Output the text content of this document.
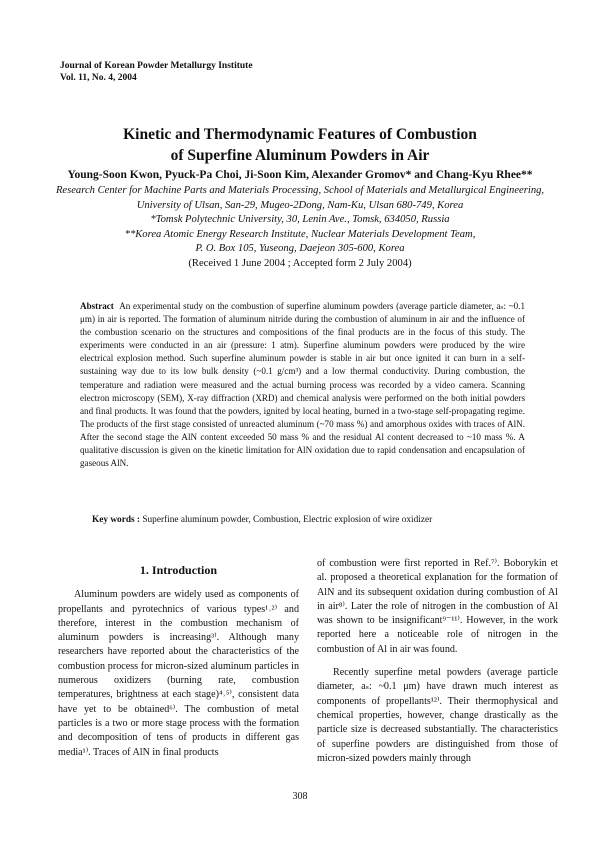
Journal of Korean Powder Metallurgy Institute
Vol. 11, No. 4, 2004
Kinetic and Thermodynamic Features of Combustion
of Superfine Aluminum Powders in Air
Young-Soon Kwon, Pyuck-Pa Choi, Ji-Soon Kim, Alexander Gromov* and Chang-Kyu Rhee**
Research Center for Machine Parts and Materials Processing, School of Materials and Metallurgical Engineering,
University of Ulsan, San-29, Mugeo-2Dong, Nam-Ku, Ulsan 680-749, Korea
*Tomsk Polytechnic University, 30, Lenin Ave., Tomsk, 634050, Russia
**Korea Atomic Energy Research Institute, Nuclear Materials Development Team,
P. O. Box 105, Yuseong, Daejeon 305-600, Korea
(Received 1 June 2004 ; Accepted form 2 July 2004)
Abstract An experimental study on the combustion of superfine aluminum powders (average particle diameter, aₛ: ~0.1 μm) in air is reported. The formation of aluminum nitride during the combustion of aluminum in air and the influence of the combustion scenario on the structures and compositions of the final products are in the focus of this study. The experiments were conducted in an air (pressure: 1 atm). Superfine aluminum powders were produced by the wire electrical explosion method. Such superfine aluminum powder is stable in air but once ignited it can burn in a self-sustaining way due to its low bulk density (~0.1 g/cm³) and a low thermal conductivity. During combustion, the temperature and radiation were measured and the actual burning process was recorded by a video camera. Scanning electron microscopy (SEM), X-ray diffraction (XRD) and chemical analysis were performed on the both initial powders and final products. It was found that the powders, ignited by local heating, burned in a two-stage self-propagating regime. The products of the first stage consisted of unreacted aluminum (~70 mass %) and amorphous oxides with traces of AlN. After the second stage the AlN content exceeded 50 mass % and the residual Al content decreased to ~10 mass %. A qualitative discussion is given on the kinetic limitation for AlN oxidation due to rapid condensation and encapsulation of gaseous AlN.
Key words : Superfine aluminum powder, Combustion, Electric explosion of wire oxidizer
1. Introduction

Aluminum powders are widely used as components of propellants and pyrotechnics of various types¹˒²⁾ and therefore, interest in the combustion mechanism of aluminum powders is increasing³⁾. Although many researchers have reported about the characteristics of the combustion process for micron-sized aluminum particles in numerous oxidizers (burning rate, combustion temperatures, brightness at each stage)⁴˒⁵⁾, consistent data have yet to be obtained⁶⁾. The combustion of metal particles is a two or more stage process with the formation and decomposition of tens of products in different gas media¹⁾. Traces of AlN in final products

of combustion were first reported in Ref.⁷⁾. Boborykin et al. proposed a theoretical explanation for the formation of AlN and its subsequent oxidation during combustion of Al in air⁸⁾. Later the role of nitrogen in the combustion of Al was shown to be insignificant⁹⁻¹¹⁾. However, in the work reported here a noticeable role of nitrogen in the combustion of Al in air was found.

Recently superfine metal powders (average particle diameter, aₛ: ~0.1 μm) have drawn much interest as components of propellants¹²⁾. Their thermophysical and chemical properties, however, change drastically as the particle size is decreased substantially. The characteristics of superfine powders are distinguished from those of micron-sized powders mainly through

308
